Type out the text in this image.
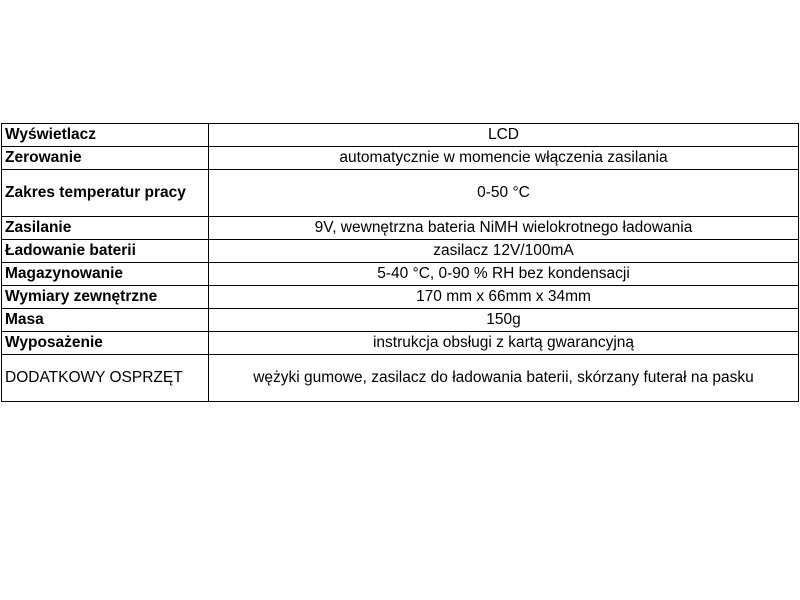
Wyświetlacz	LCD
Zerowanie	automatycznie w momencie włączenia zasilania
Zakres temperatur pracy	0-50 °C
Zasilanie	9V, wewnętrzna bateria NiMH wielokrotnego ładowania
Ładowanie baterii	zasilacz 12V/100mA
Magazynowanie	5-40 °C, 0-90 % RH bez kondensacji
Wymiary zewnętrzne	170 mm x 66mm x 34mm
Masa	150g
Wyposażenie	instrukcja obsługi z kartą gwarancyjną
DODATKOWY OSPRZĘT	wężyki gumowe, zasilacz do ładowania baterii, skórzany futerał na pasku
